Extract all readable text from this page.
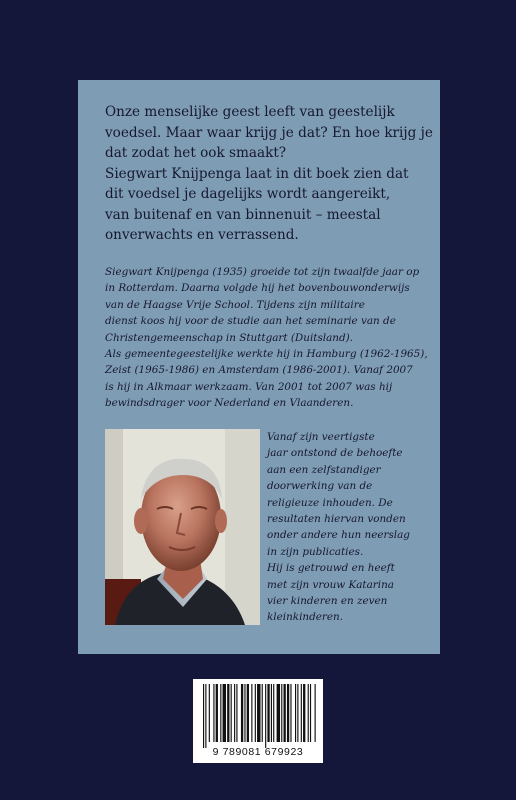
Onze menselijke geest leeft van geestelijk
voedsel. Maar waar krijg je dat? En hoe krijg je
dat zodat het ook smaakt?
Siegwart Knijpenga laat in dit boek zien dat
dit voedsel je dagelijks wordt aangereikt,
van buitenaf en van binnenuit – meestal
onverwachts en verrassend.
Siegwart Knijpenga (1935) groeide tot zijn twaalfde jaar op
in Rotterdam. Daarna volgde hij het bovenbouwonderwijs
van de Haagse Vrije School. Tijdens zijn militaire
dienst koos hij voor de studie aan het seminarie van de
Christengemeenschap in Stuttgart (Duitsland).
Als gemeentegeestelijke werkte hij in Hamburg (1962-1965),
Zeist (1965-1986) en Amsterdam (1986-2001). Vanaf 2007
is hij in Alkmaar werkzaam. Van 2001 tot 2007 was hij
bewindsdrager voor Nederland en Vlaanderen.
Vanaf zijn veertigste
jaar ontstond de behoefte
aan een zelfstandiger
doorwerking van de
religieuze inhouden. De
resultaten hiervan vonden
onder andere hun neerslag
in zijn publicaties.
Hij is getrouwd en heeft
met zijn vrouw Katarina
vier kinderen en zeven
kleinkinderen.
9 789081 679923
